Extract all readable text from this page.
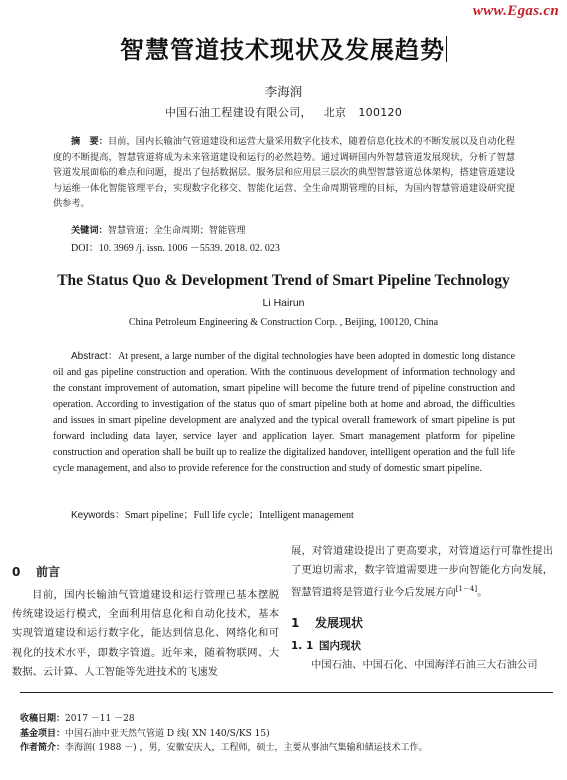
www.Egas.cn
智慧管道技术现状及发展趋势
李海润
中国石油工程建设有限公司， 北京 100120
摘　要：目前，国内长输油气管道建设和运营大量采用数字化技术，随着信息化技术的不断发展以及自动化程度的不断提高，智慧管道将成为未来管道建设和运行的必然趋势。通过调研国内外智慧管道发展现状，分析了智慧管道发展面临的难点和问题，提出了包括数据层、服务层和应用层三层次的典型智慧管道总体架构，搭建管道建设与运维一体化智能管理平台，实现数字化移交、智能化运营、全生命周期管理的目标，为国内智慧管道建设研究提供参考。
关键词：智慧管道；全生命周期；智能管理
DOI：10. 3969 /j. issn. 1006 －5539. 2018. 02. 023
The Status Quo & Development Trend of Smart Pipeline Technology
Li Hairun
China Petroleum Engineering & Construction Corp. , Beijing, 100120, China
Abstract：At present, a large number of the digital technologies have been adopted in domestic long distance oil and gas pipeline construction and operation. With the continuous development of information technology and the constant improvement of automation, smart pipeline will become the future trend of pipeline construction and operation. According to investigation of the status quo of smart pipeline both at home and abroad, the difficulties and issues in smart pipeline development are analyzed and the typical overall framework of smart pipeline is put forward including data layer, service layer and application layer. Smart management platform for pipeline construction and operation shall be built up to realize the digitalized handover, intelligent operation and the full life cycle management, and also to provide reference for the construction and study of domestic smart pipeline.
Keywords：Smart pipeline；Full life cycle；Intelligent management
0 前言

目前，国内长输油气管道建设和运行管理已基本摆脱传统建设运行模式，全面利用信息化和自动化技术，基本实现管道建设和运行数字化，能达到信息化、网络化和可视化的技术水平，即数字管道。近年来，随着物联网、大数据、云计算、人工智能等先进技术的飞速发

展，对管道建设提出了更高要求，对管道运行可靠性提出了更迫切需求，数字管道需要进一步向智能化方向发展，智慧管道将是管道行业今后发展方向[1－4]。

1 发展现状
1. 1 国内现状

中国石油、中国石化、中国海洋石油三大石油公司

收稿日期：2017 －11 －28
基金项目：中国石油中亚天然气管道 D 线( XN 140/S/KS 15)
作者简介：李海润( 1988 －) ，男，安徽安庆人，工程师，硕士，主要从事油气集输和储运技术工作。
